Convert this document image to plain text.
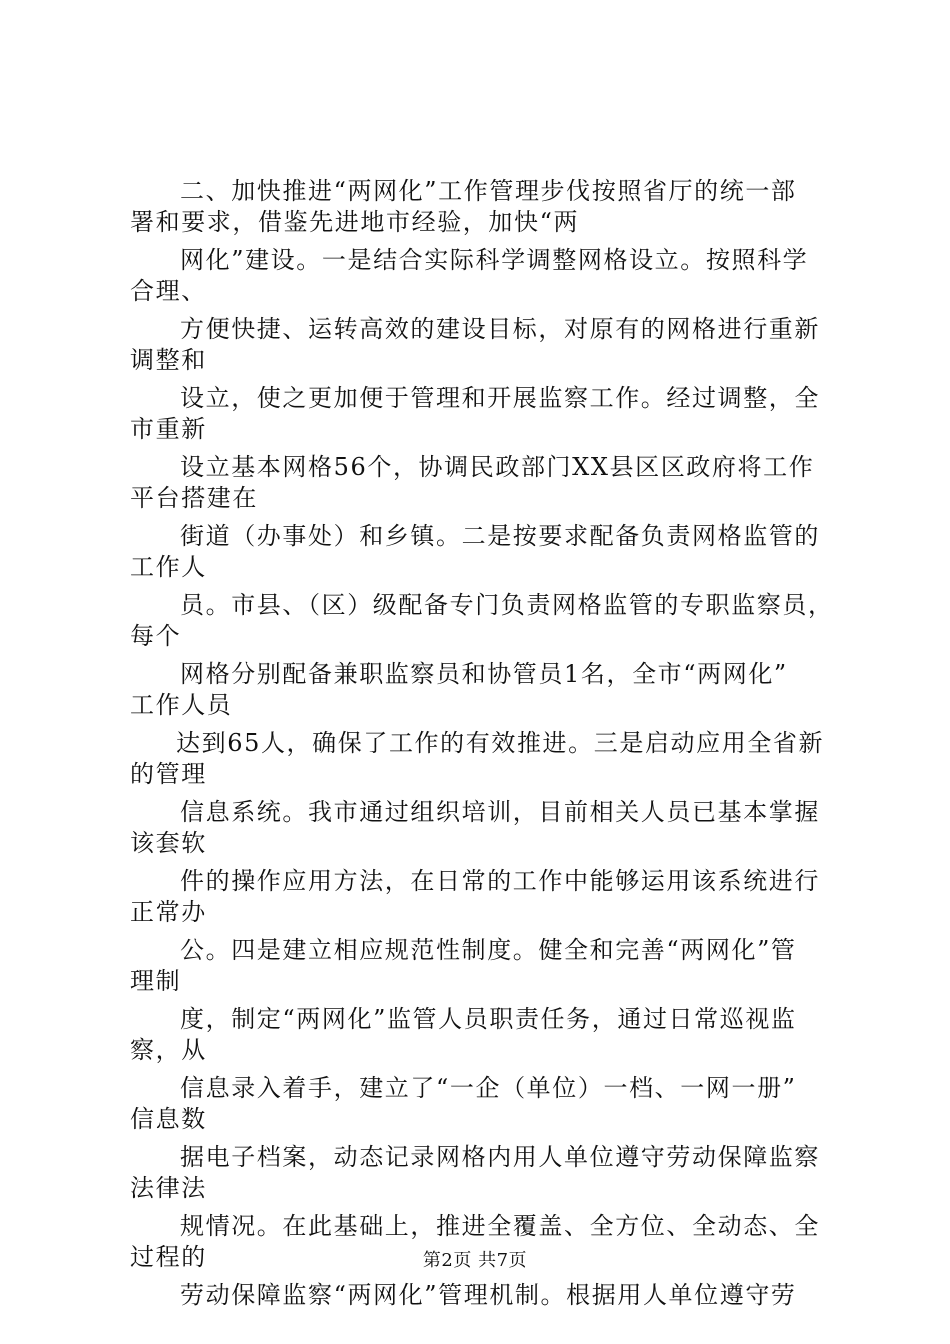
二、加快推进“两网化”工作管理步伐按照省厅的统一部
署和要求，借鉴先进地市经验，加快“两
网化”建设。一是结合实际科学调整网格设立。按照科学
合理、
方便快捷、运转高效的建设目标，对原有的网格进行重新
调整和
设立，使之更加便于管理和开展监察工作。经过调整，全
市重新
设立基本网格56个，协调民政部门XX县区区政府将工作
平台搭建在
街道（办事处）和乡镇。二是按要求配备负责网格监管的
工作人
员。市县、（区）级配备专门负责网格监管的专职监察员，
每个
网格分别配备兼职监察员和协管员1名，全市“两网化”
工作人员
达到65人，确保了工作的有效推进。三是启动应用全省新
的管理
信息系统。我市通过组织培训，目前相关人员已基本掌握
该套软
件的操作应用方法，在日常的工作中能够运用该系统进行
正常办
公。四是建立相应规范性制度。健全和完善“两网化”管
理制
度，制定“两网化”监管人员职责任务，通过日常巡视监
察，从
信息录入着手，建立了“一企（单位）一档、一网一册”
信息数
据电子档案，动态记录网格内用人单位遵守劳动保障监察
法律法
规情况。在此基础上，推进全覆盖、全方位、全动态、全
过程的
劳动保障监察“两网化”管理机制。根据用人单位遵守劳
第2页 共7页
